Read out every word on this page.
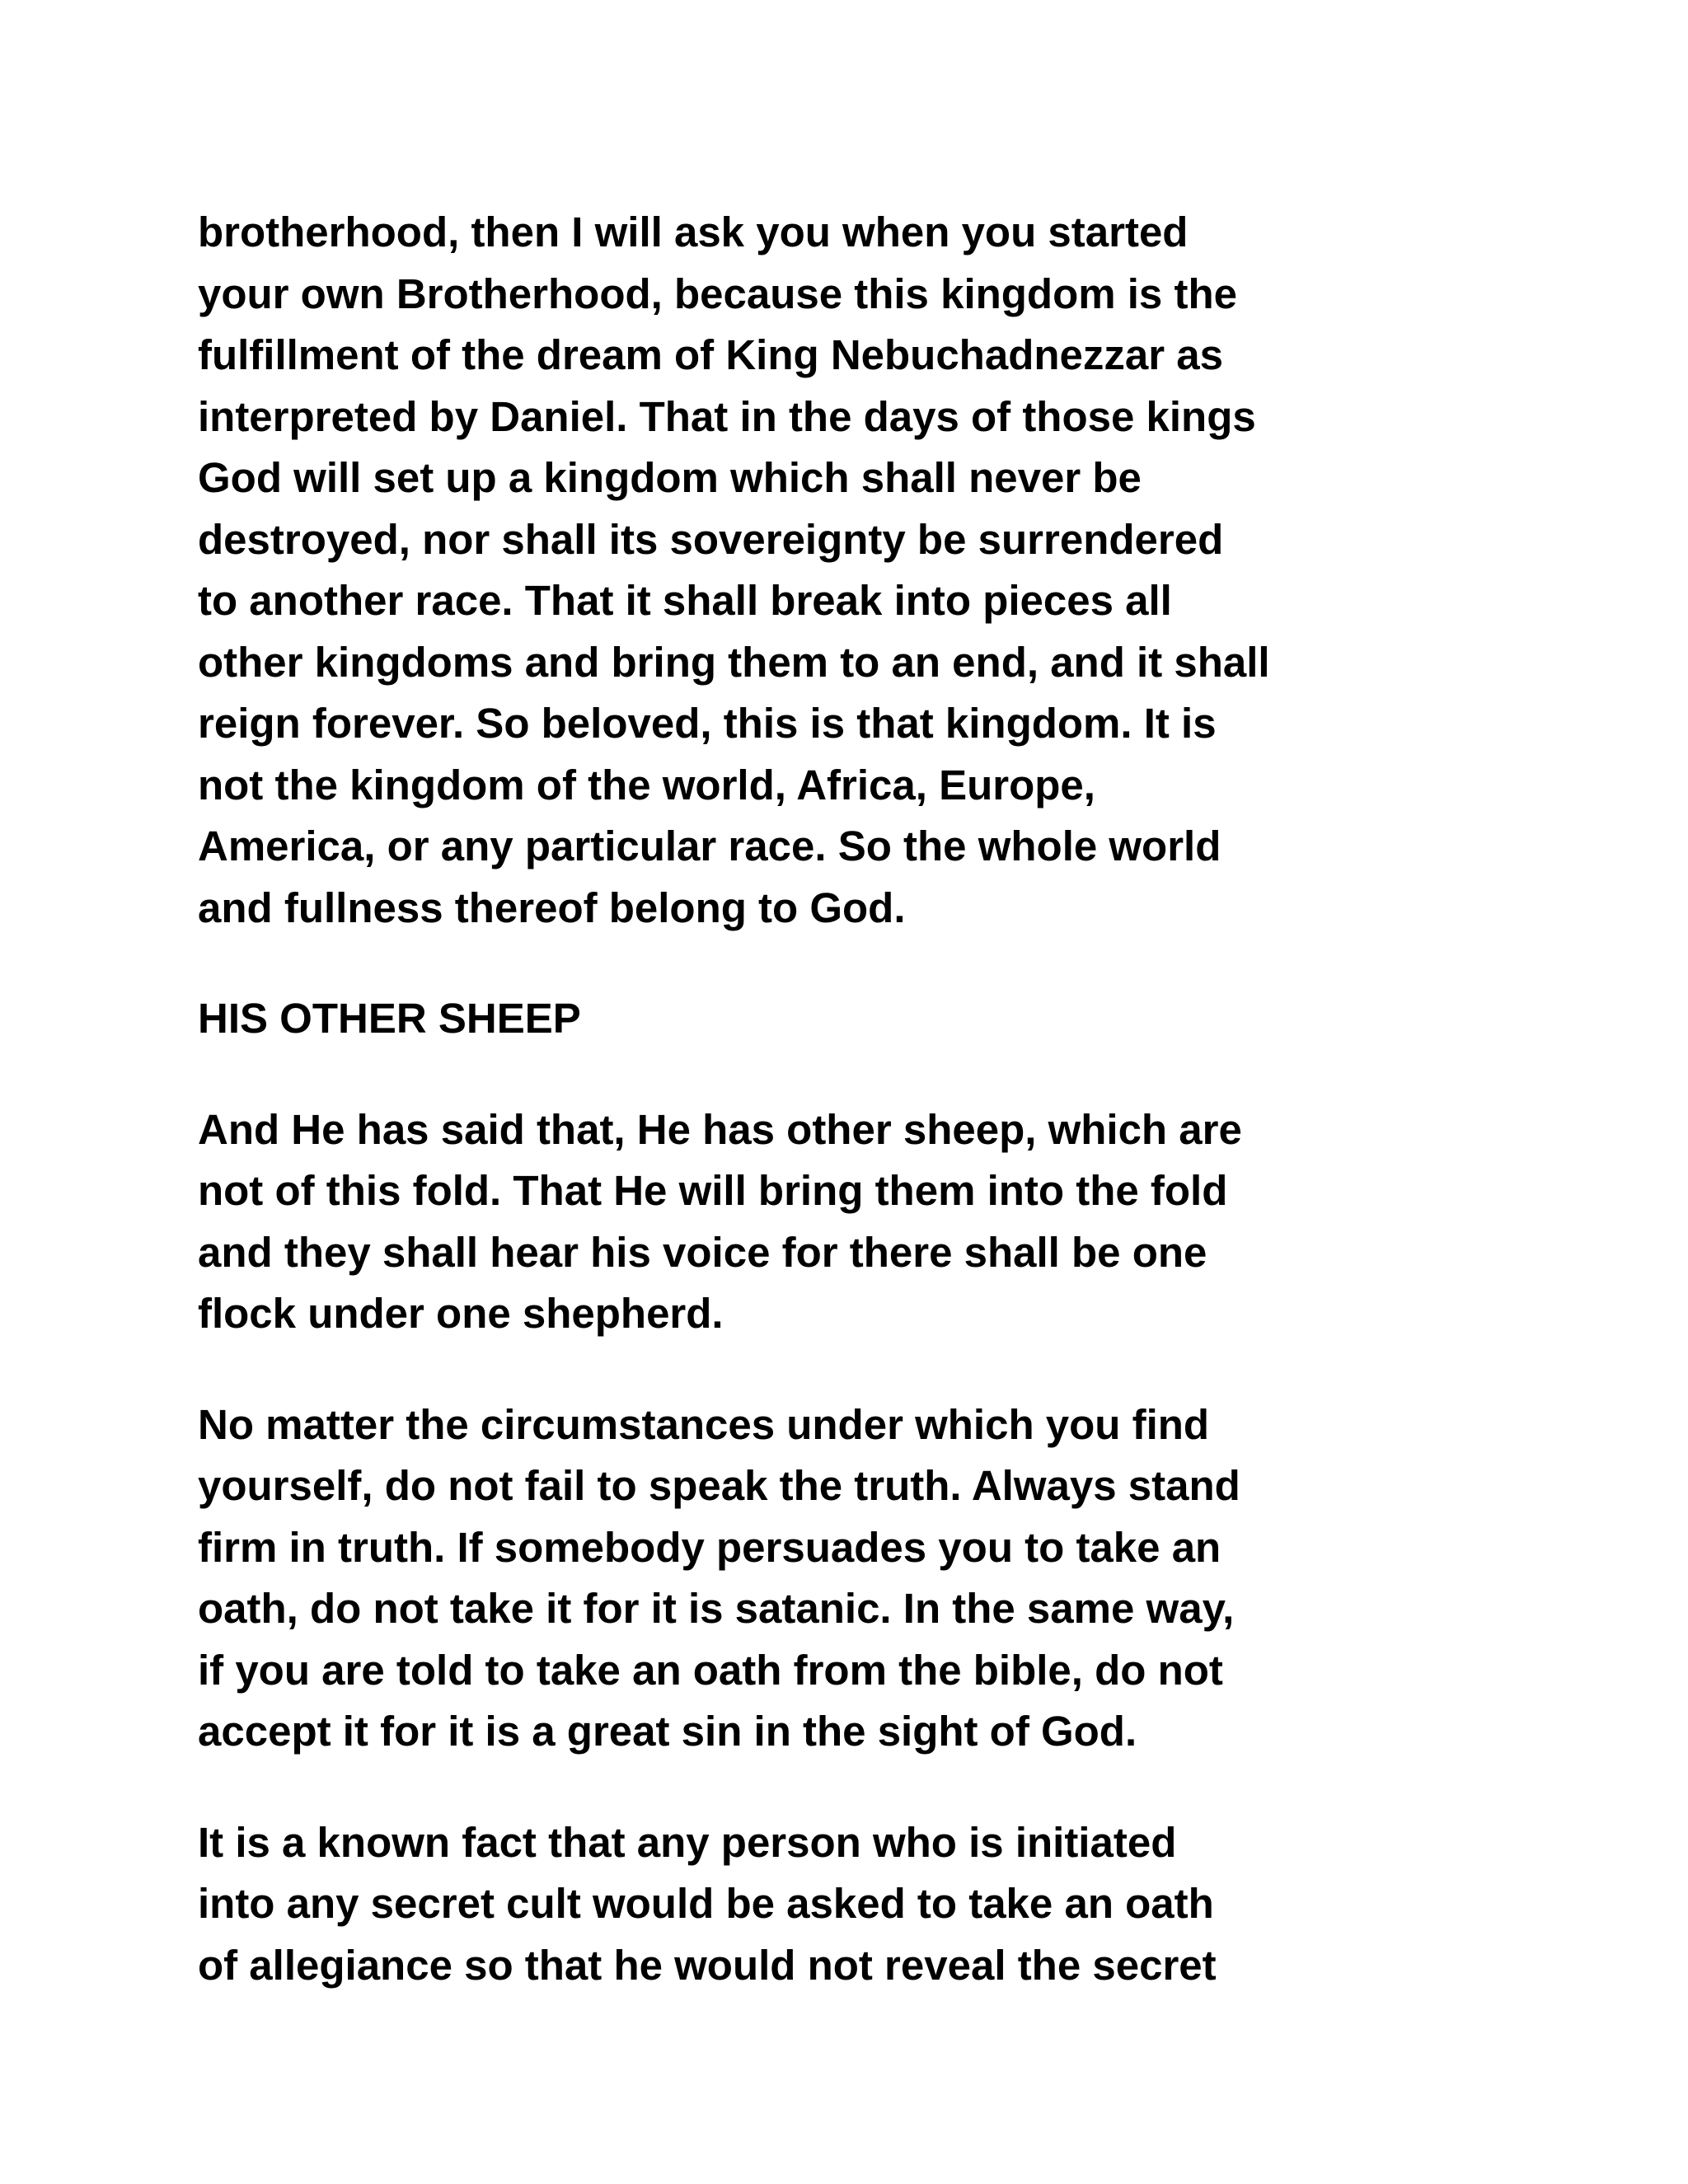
brotherhood, then I will ask you when you started
your own Brotherhood, because this kingdom is the
fulfillment of the dream of King Nebuchadnezzar as
interpreted by Daniel. That in the days of those kings
God will set up a kingdom which shall never be
destroyed, nor shall its sovereignty be surrendered
to another race. That it shall break into pieces all
other kingdoms and bring them to an end, and it shall
reign forever. So beloved, this is that kingdom. It is
not the kingdom of the world, Africa, Europe,
America, or any particular race. So the whole world
and fullness thereof belong to God.
HIS OTHER SHEEP
And He has said that, He has other sheep, which are
not of this fold. That He will bring them into the fold
and they shall hear his voice for there shall be one
flock under one shepherd.
No matter the circumstances under which you find
yourself, do not fail to speak the truth. Always stand
firm in truth. If somebody persuades you to take an
oath, do not take it for it is satanic. In the same way,
if you are told to take an oath from the bible, do not
accept it for it is a great sin in the sight of God.
It is a known fact that any person who is initiated
into any secret cult would be asked to take an oath
of allegiance so that he would not reveal the secret
